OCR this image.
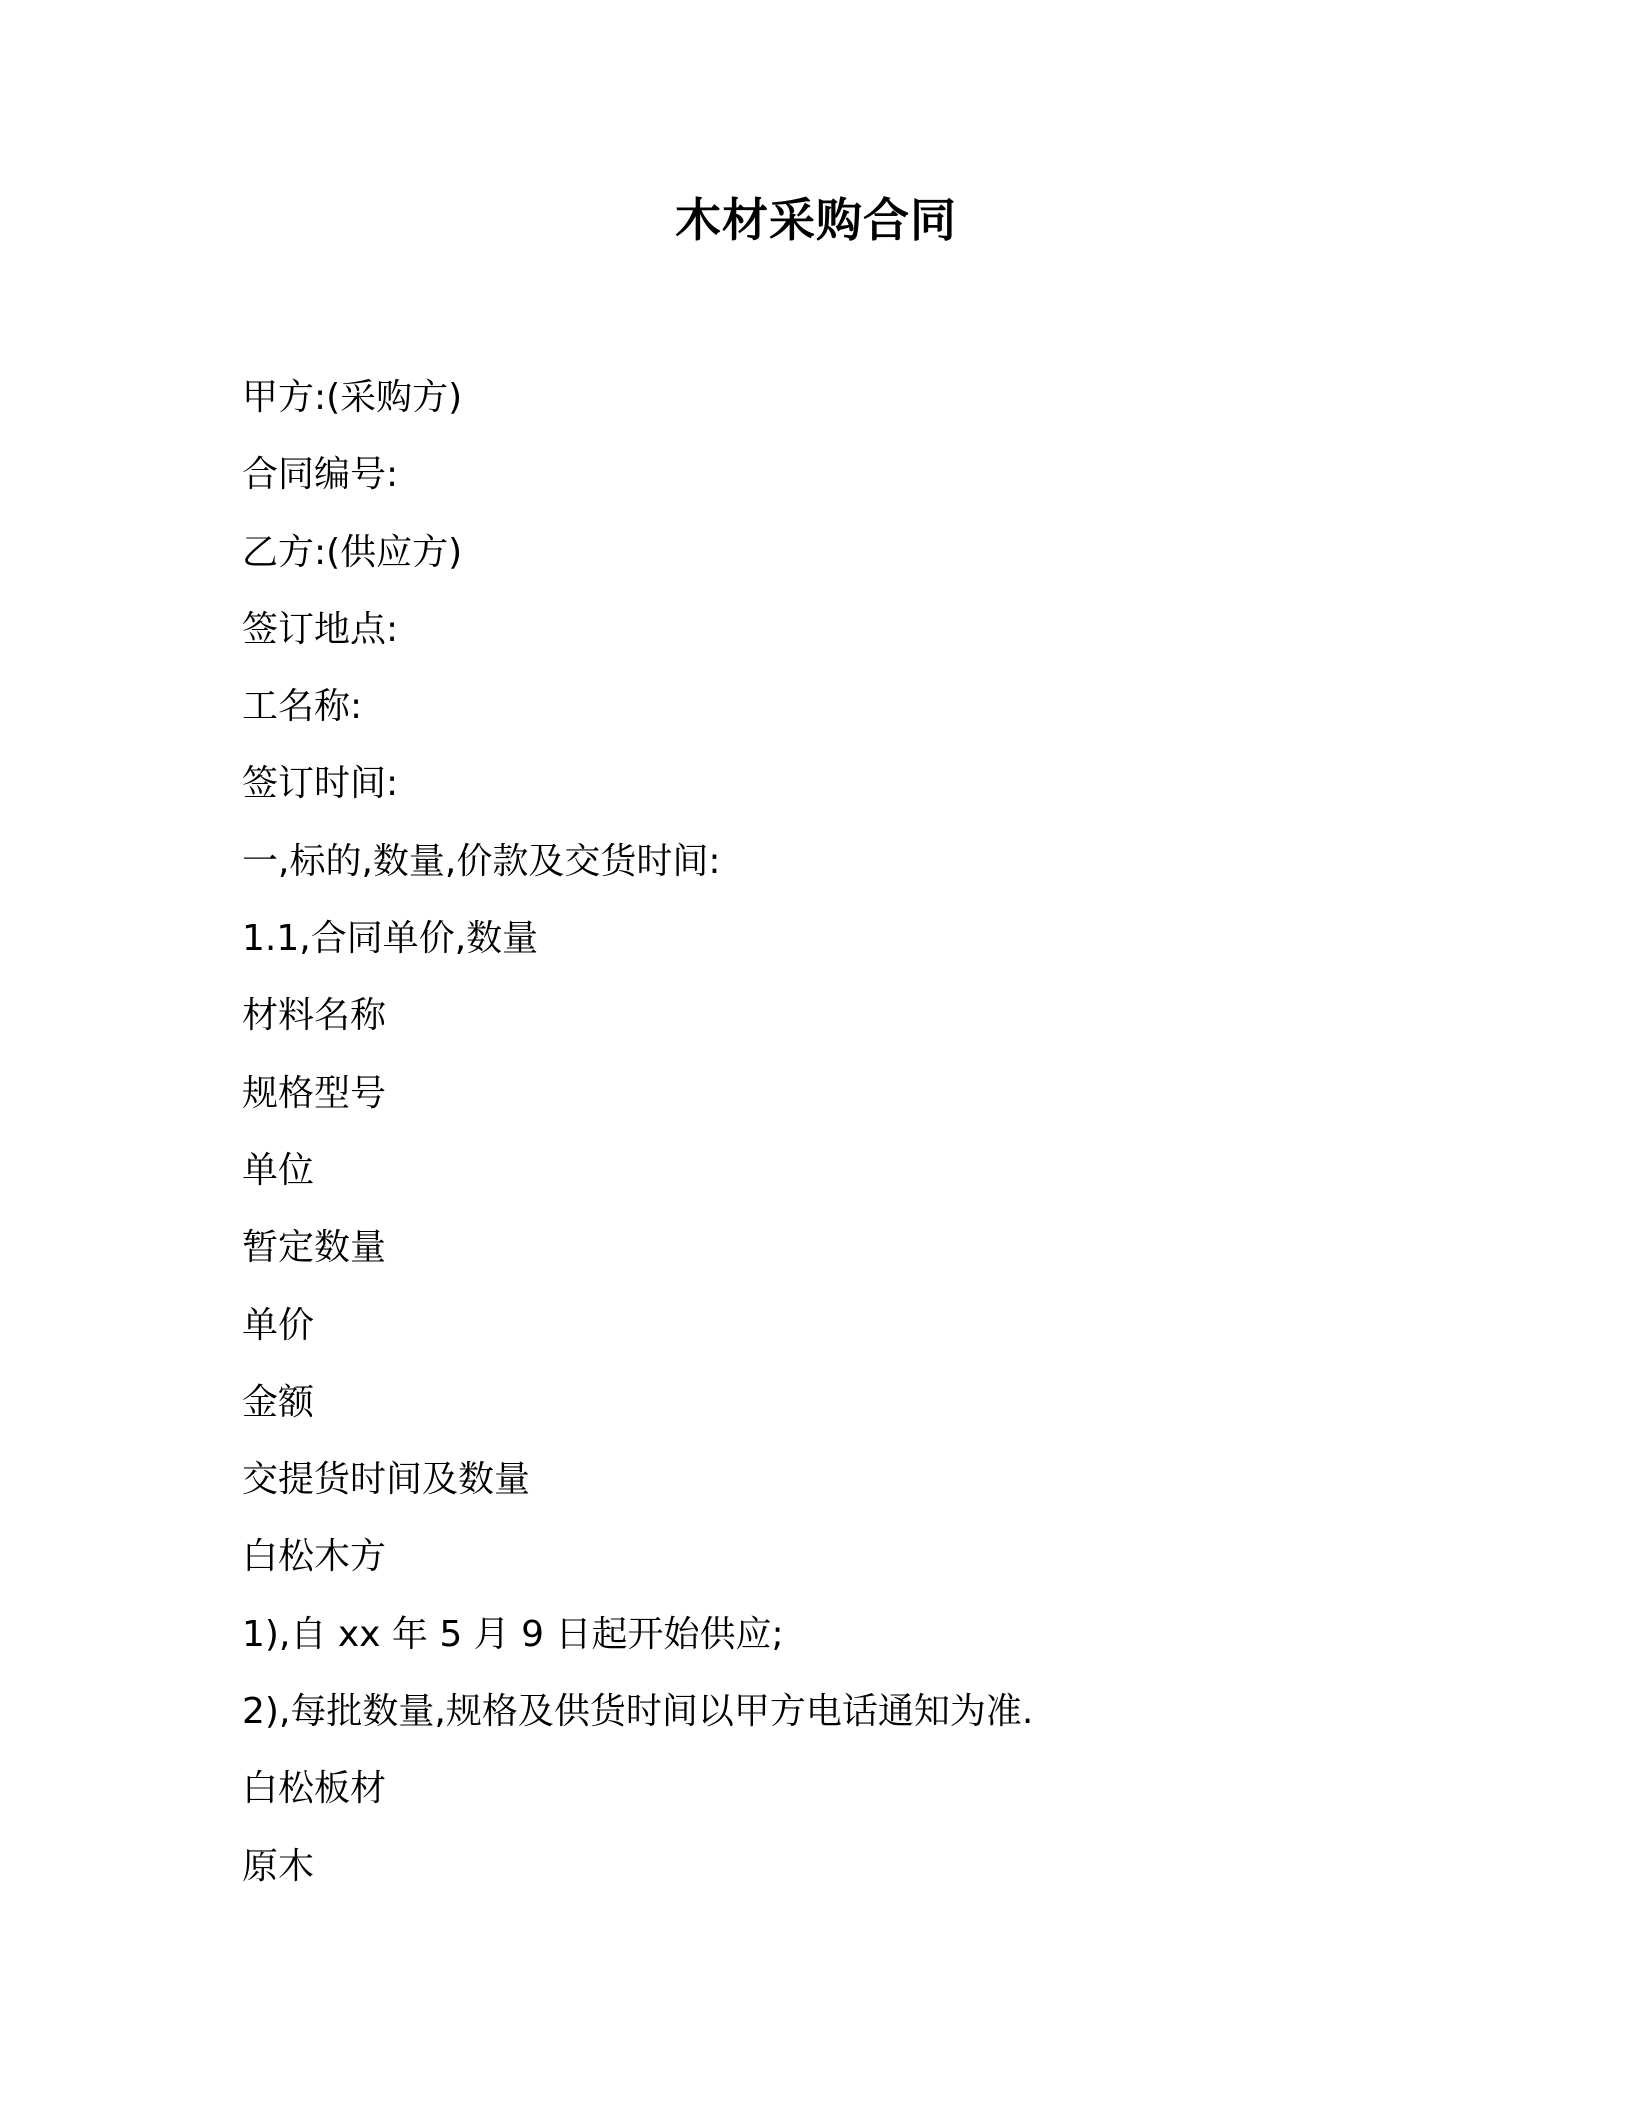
木材采购合同
甲方:(采购方)
合同编号:
乙方:(供应方)
签订地点:
工名称:
签订时间:
一,标的,数量,价款及交货时间:
1.1,合同单价,数量
材料名称
规格型号
单位
暂定数量
单价
金额
交提货时间及数量
白松木方
1),自 xx 年 5 月 9 日起开始供应;
2),每批数量,规格及供货时间以甲方电话通知为准.
白松板材
原木
